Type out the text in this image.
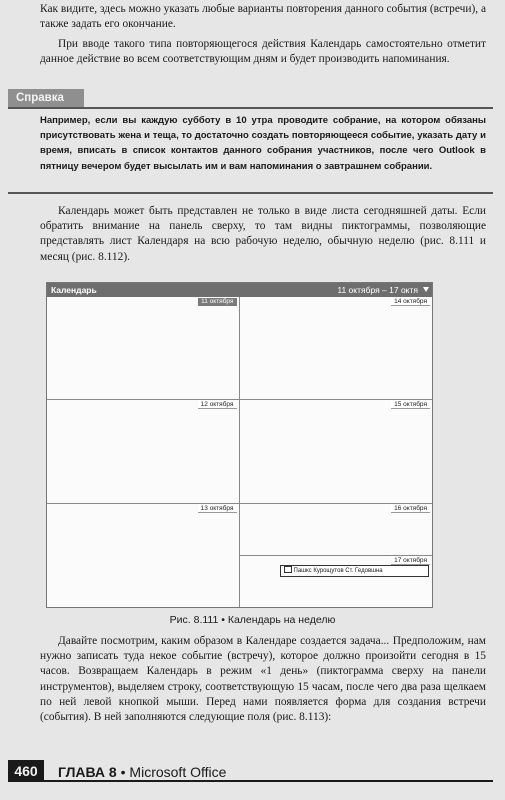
Как видите, здесь можно указать любые варианты повторения данного события (встречи), а также задать его окончание.

При вводе такого типа повторяющегося действия Календарь самостоятельно отметит данное действие во всем соответствующим дням и будет производить напоминания.

Справка

Например, если вы каждую субботу в 10 утра проводите собрание, на котором обязаны присутствовать жена и теща, то достаточно создать повторяющееся событие, указать дату и время, вписать в список контактов данного собрания участников, после чего Outlook в пятницу вечером будет высылать им и вам напоминания о завтрашнем собрании.

Календарь может быть представлен не только в виде листа сегодняшней даты. Если обратить внимание на панель сверху, то там видны пиктограммы, позволяющие представлять лист Календаря на всю рабочую неделю, обычную неделю (рис. 8.111 и месяц (рис. 8.112).

Календарь	11 октября – 17 октя
11 октября	14 октября
12 октября	15 октября
13 октября	16 октября
17 октября
Пашкс Курощутов Ст. Гедовшна
Рис. 8.111 • Календарь на неделю

Давайте посмотрим, каким образом в Календаре создается задача... Предположим, нам нужно записать туда некое событие (встречу), которое должно произойти сегодня в 15 часов. Возвращаем Календарь в режим «1 день» (пиктограмма сверху на панели инструментов), выделяем строку, соответствующую 15 часам, после чего два раза щелкаем по ней левой кнопкой мыши. Перед нами появляется форма для создания встречи (события). В ней заполняются следующие поля (рис. 8.113):

460	ГЛАВА 8 • Microsoft Office
